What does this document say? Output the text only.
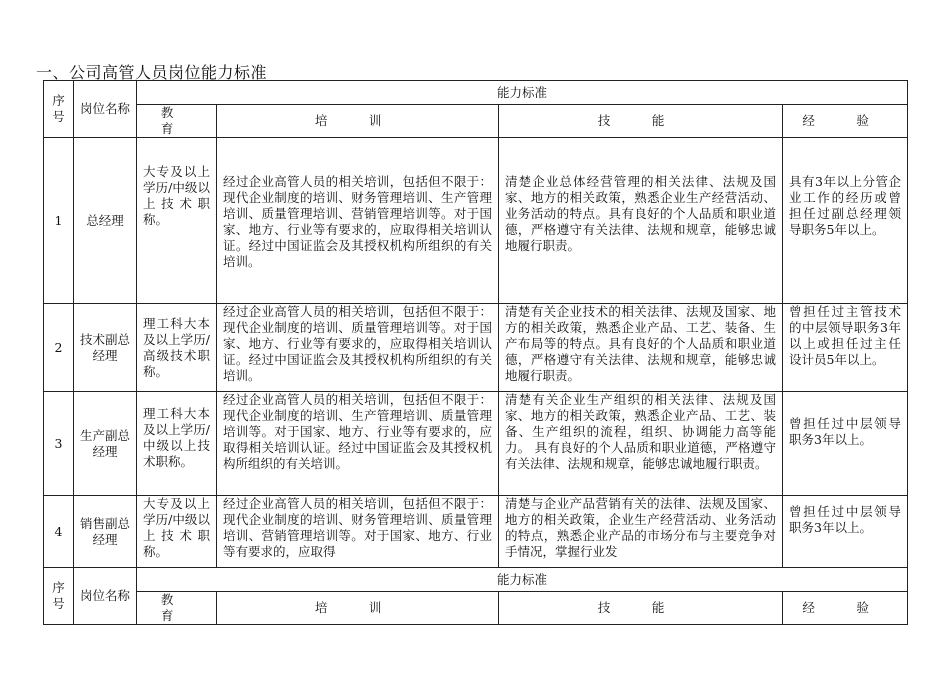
一、公司高管人员岗位能力标准
序号	岗位名称	能力标准			
		教 育	培 训	技 能	经 验
1	总经理	大专及以上学历/中级以上技术职称。	经过企业高管人员的相关培训，包括但不限于：现代企业制度的培训、财务管理培训、生产管理培训、质量管理培训、营销管理培训等。对于国家、地方、行业等有要求的，应取得相关培训认证。经过中国证监会及其授权机构所组织的有关培训。	清楚企业总体经营管理的相关法律、法规及国家、地方的相关政策，熟悉企业生产经营活动、业务活动的特点。具有良好的个人品质和职业道德，严格遵守有关法律、法规和规章，能够忠诚地履行职责。	具有3年以上分管企业工作的经历或曾担任过副总经理领导职务5年以上。
2	技术副总经理	理工科大本及以上学历/高级技术职称。	经过企业高管人员的相关培训，包括但不限于：现代企业制度的培训、质量管理培训等。对于国家、地方、行业等有要求的，应取得相关培训认证。经过中国证监会及其授权机构所组织的有关培训。	清楚有关企业技术的相关法律、法规及国家、地方的相关政策，熟悉企业产品、工艺、装备、生产布局等的特点。具有良好的个人品质和职业道德，严格遵守有关法律、法规和规章，能够忠诚地履行职责。	曾担任过主管技术的中层领导职务3年以上或担任过主任设计员5年以上。
3	生产副总经理	理工科大本及以上学历/中级以上技术职称。	经过企业高管人员的相关培训，包括但不限于：现代企业制度的培训、生产管理培训、质量管理培训等。对于国家、地方、行业等有要求的，应取得相关培训认证。经过中国证监会及其授权机构所组织的有关培训。	清楚有关企业生产组织的相关法律、法规及国家、地方的相关政策，熟悉企业产品、工艺、装备、生产组织的流程，组织、协调能力高等能力。 具有良好的个人品质和职业道德，严格遵守有关法律、法规和规章，能够忠诚地履行职责。	曾担任过中层领导职务3年以上。
4	销售副总经理	大专及以上学历/中级以上技术职称。	经过企业高管人员的相关培训，包括但不限于：现代企业制度的培训、财务管理培训、质量管理培训、营销管理培训等。对于国家、地方、行业等有要求的，应取得	清楚与企业产品营销有关的法律、法规及国家、地方的相关政策，企业生产经营活动、业务活动的特点，熟悉企业产品的市场分布与主要竞争对手情况，掌握行业发	曾担任过中层领导职务3年以上。
序号	岗位名称	能力标准			
		教 育	培 训	技 能	经 验
